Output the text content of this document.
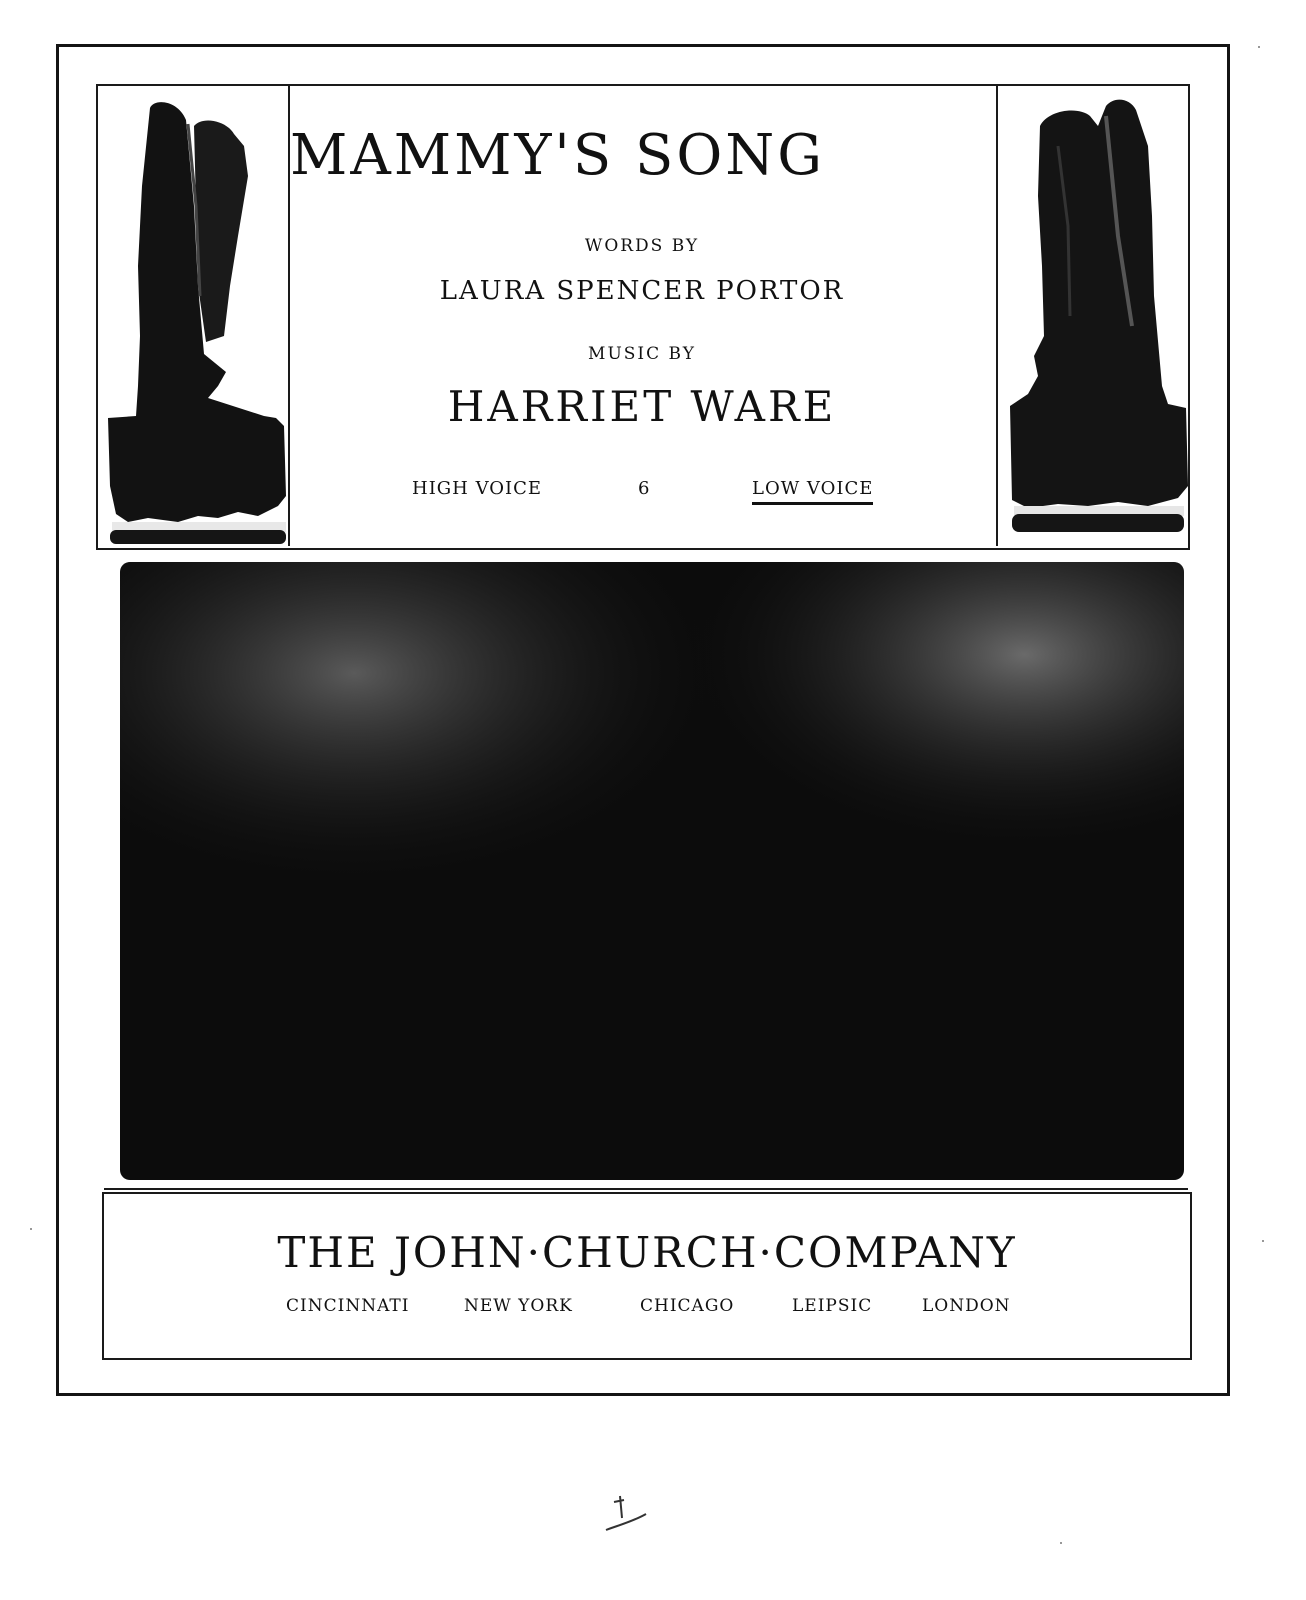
MAMMY'S SONG
WORDS BY
LAURA SPENCER PORTOR
MUSIC BY
HARRIET WARE
HIGH VOICE	6	LOW VOICE
THE JOHN·CHURCH·COMPANY
CINCINNATI	NEW YORK	CHICAGO	LEIPSIC	LONDON
